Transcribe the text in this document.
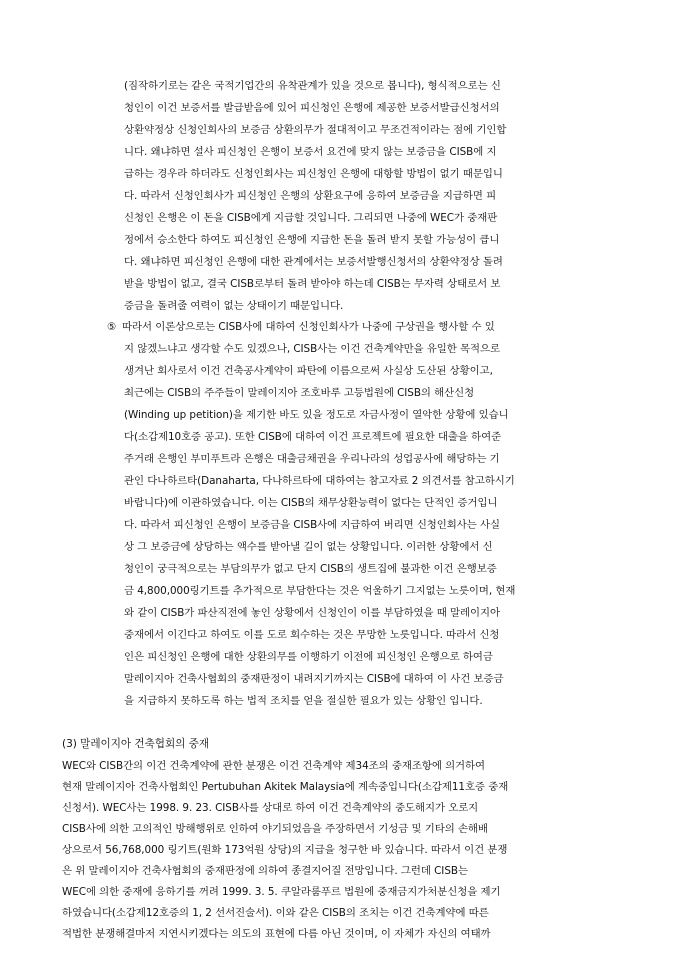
(짐작하기로는 같은 국적기업간의 유착관계가 있을 것으로 봅니다), 형식적으로는 신
청인이 이건 보증서를 발급받음에 있어 피신청인 은행에 제공한 보증서발급신청서의
상환약정상 신청인회사의 보증금 상환의무가 절대적이고 무조건적이라는 점에 기인합
니다. 왜냐하면 설사 피신청인 은행이 보증서 요건에 맞지 않는 보증금을 CISB에 지
급하는 경우라 하더라도 신청인회사는 피신청인 은행에 대항할 방법이 없기 때문입니
다. 따라서 신청인회사가 피신청인 은행의 상환요구에 응하여 보증금을 지급하면 피
신청인 은행은 이 돈을 CISB에게 지급할 것입니다. 그리되면 나중에 WEC가 중재판
정에서 승소한다 하여도 피신청인 은행에 지급한 돈을 돌려 받지 못할 가능성이 큽니
다. 왜냐하면 피신청인 은행에 대한 관계에서는 보증서발행신청서의 상환약정상 돌려
받을 방법이 없고, 결국 CISB로부터 돌려 받아야 하는데 CISB는 무자력 상태로서 보
증금을 돌려줄 여력이 없는 상태이기 때문입니다.
⑤ 따라서 이론상으로는 CISB사에 대하여 신청인회사가 나중에 구상권을 행사할 수 있
지 않겠느냐고 생각할 수도 있겠으나, CISB사는 이건 건축계약만을 유일한 목적으로
생겨난 회사로서 이건 건축공사계약이 파탄에 이름으로써 사실상 도산된 상황이고,
최근에는 CISB의 주주들이 말레이지아 조호바루 고등법원에 CISB의 해산신청
(Winding up petition)을 제기한 바도 있을 정도로 자금사정이 열악한 상황에 있습니
다(소갑제10호증 공고). 또한 CISB에 대하여 이건 프로젝트에 필요한 대출을 하여준
주거래 은행인 부미푸트라 은행은 대출금채권을 우리나라의 성업공사에 해당하는 기
관인 다나하르타(Danaharta, 다나하르타에 대하여는 참고자료 2 의견서를 참고하시기
바랍니다)에 이관하였습니다. 이는 CISB의 채무상환능력이 없다는 단적인 증거입니
다. 따라서 피신청인 은행이 보증금을 CISB사에 지급하여 버리면 신청인회사는 사실
상 그 보증금에 상당하는 액수를 받아낼 길이 없는 상황입니다. 이러한 상황에서 신
청인이 궁극적으로는 부담의무가 없고 단지 CISB의 생트집에 불과한 이건 은행보증
금 4,800,000링기트를 추가적으로 부담한다는 것은 억울하기 그지없는 노릇이며, 현재
와 같이 CISB가 파산직전에 놓인 상황에서 신청인이 이를 부담하였을 때 말레이지아
중재에서 이긴다고 하여도 이를 도로 회수하는 것은 무망한 노릇입니다. 따라서 신청
인은 피신청인 은행에 대한 상환의무를 이행하기 이전에 피신청인 은행으로 하여금
말레이지아 건축사협회의 중재판정이 내려지기까지는 CISB에 대하여 이 사건 보증금
을 지급하지 못하도록 하는 법적 조치를 얻을 절실한 필요가 있는 상황인 입니다.
(3) 말레이지아 건축협회의 중재
WEC와 CISB간의 이건 건축계약에 관한 분쟁은 이건 건축계약 제34조의 중재조항에 의거하여
현재 말레이지아 건축사협회인 Pertubuhan Akitek Malaysia에 계속중입니다(소갑제11호증 중재
신청서). WEC사는 1998. 9. 23. CISB사를 상대로 하여 이건 건축계약의 중도해지가 오로지
CISB사에 의한 고의적인 방해행위로 인하여 야기되었음을 주장하면서 기성금 및 기타의 손해배
상으로서 56,768,000 링기트(원화 173억원 상당)의 지급을 청구한 바 있습니다. 따라서 이건 분쟁
은 위 말레이지아 건축사협회의 중재판정에 의하여 종결지어질 전망입니다. 그런데 CISB는
WEC에 의한 중재에 응하기를 꺼려 1999. 3. 5. 쿠알라룸푸르 법원에 중재금지가처분신청을 제기
하였습니다(소갑제12호증의 1, 2 선서진술서). 이와 같은 CISB의 조치는 이건 건축계약에 따른
적법한 분쟁해결마저 지연시키겠다는 의도의 표현에 다름 아닌 것이며, 이 자체가 자신의 여태까
